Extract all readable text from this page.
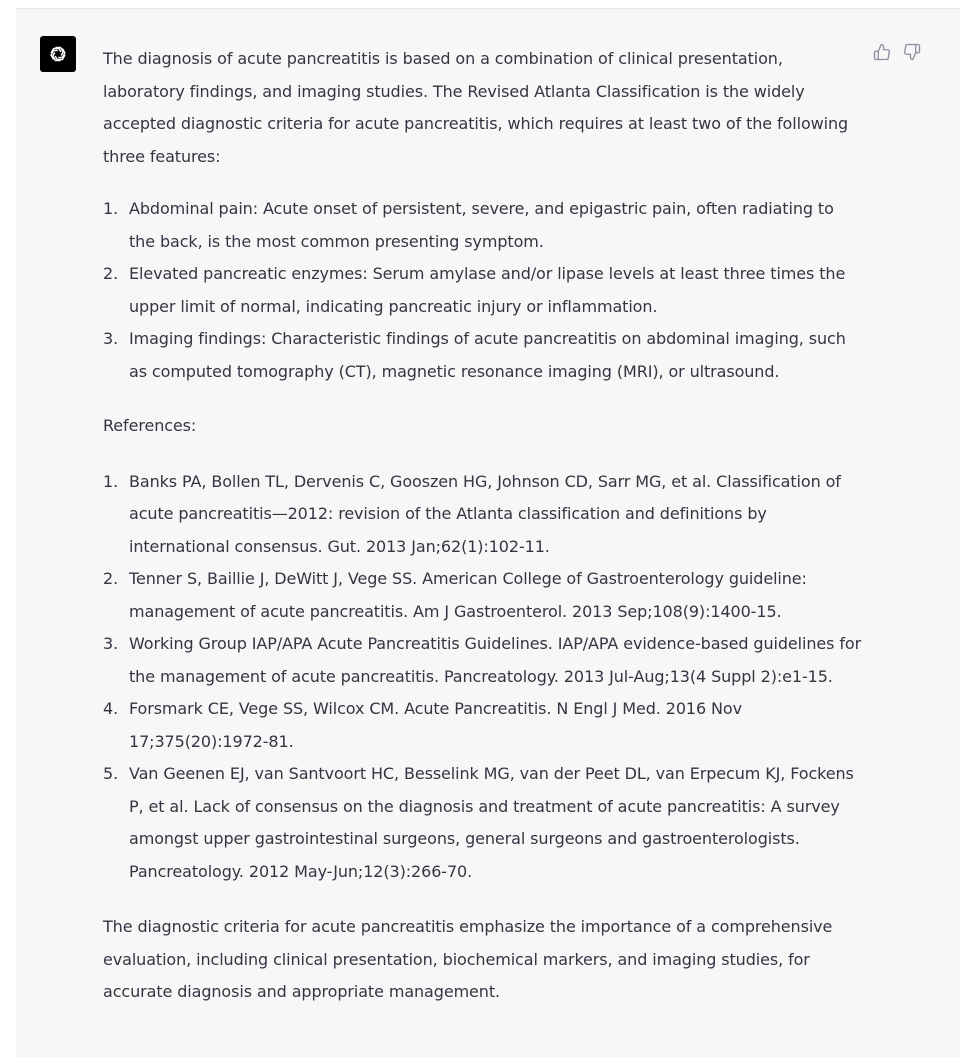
The diagnosis of acute pancreatitis is based on a combination of clinical presentation, laboratory findings, and imaging studies. The Revised Atlanta Classification is the widely accepted diagnostic criteria for acute pancreatitis, which requires at least two of the following three features:

1. Abdominal pain: Acute onset of persistent, severe, and epigastric pain, often radiating to the back, is the most common presenting symptom.
2. Elevated pancreatic enzymes: Serum amylase and/or lipase levels at least three times the upper limit of normal, indicating pancreatic injury or inflammation.
3. Imaging findings: Characteristic findings of acute pancreatitis on abdominal imaging, such as computed tomography (CT), magnetic resonance imaging (MRI), or ultrasound.

References:

1. Banks PA, Bollen TL, Dervenis C, Gooszen HG, Johnson CD, Sarr MG, et al. Classification of acute pancreatitis—2012: revision of the Atlanta classification and definitions by international consensus. Gut. 2013 Jan;62(1):102-11.
2. Tenner S, Baillie J, DeWitt J, Vege SS. American College of Gastroenterology guideline: management of acute pancreatitis. Am J Gastroenterol. 2013 Sep;108(9):1400-15.
3. Working Group IAP/APA Acute Pancreatitis Guidelines. IAP/APA evidence-based guidelines for the management of acute pancreatitis. Pancreatology. 2013 Jul-Aug;13(4 Suppl 2):e1-15.
4. Forsmark CE, Vege SS, Wilcox CM. Acute Pancreatitis. N Engl J Med. 2016 Nov 17;375(20):1972-81.
5. Van Geenen EJ, van Santvoort HC, Besselink MG, van der Peet DL, van Erpecum KJ, Fockens P, et al. Lack of consensus on the diagnosis and treatment of acute pancreatitis: A survey amongst upper gastrointestinal surgeons, general surgeons and gastroenterologists. Pancreatology. 2012 May-Jun;12(3):266-70.

The diagnostic criteria for acute pancreatitis emphasize the importance of a comprehensive evaluation, including clinical presentation, biochemical markers, and imaging studies, for accurate diagnosis and appropriate management.
